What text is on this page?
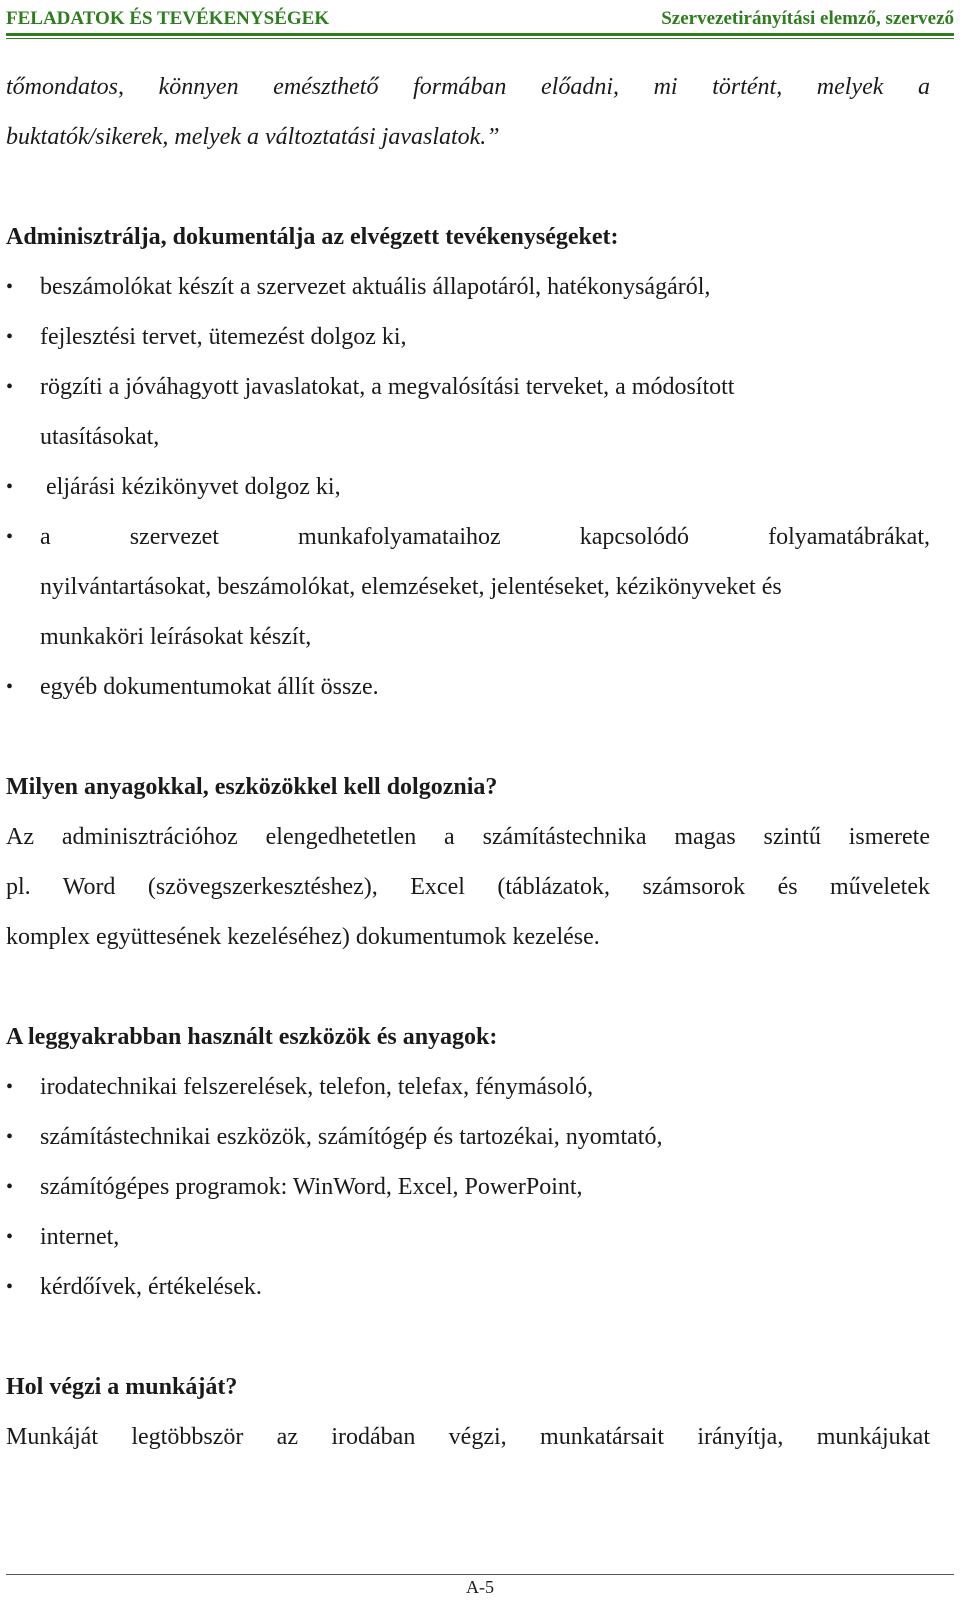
FELADATOK ÉS TEVÉKENYSÉGEK	Szervezetirányítási elemző, szervező
tőmondatos, könnyen emészthető formában előadni, mi történt, melyek a
buktatók/sikerek, melyek a változtatási javaslatok.”
Adminisztrálja, dokumentálja az elvégzett tevékenységeket:
•	beszámolókat készít a szervezet aktuális állapotáról, hatékonyságáról,
•	fejlesztési tervet, ütemezést dolgoz ki,
•	rögzíti a jóváhagyott javaslatokat, a megvalósítási terveket, a módosított
utasításokat,
•	eljárási kézikönyvet dolgoz ki,
•	a szervezet munkafolyamataihoz kapcsolódó folyamatábrákat,
nyilvántartásokat, beszámolókat, elemzéseket, jelentéseket, kézikönyveket és
munkaköri leírásokat készít,
•	egyéb dokumentumokat állít össze.
Milyen anyagokkal, eszközökkel kell dolgoznia?
Az adminisztrációhoz elengedhetetlen a számítástechnika magas szintű ismerete
pl. Word (szövegszerkesztéshez), Excel (táblázatok, számsorok és műveletek
komplex együttesének kezeléséhez) dokumentumok kezelése.
A leggyakrabban használt eszközök és anyagok:
•	irodatechnikai felszerelések, telefon, telefax, fénymásoló,
•	számítástechnikai eszközök, számítógép és tartozékai, nyomtató,
•	számítógépes programok: WinWord, Excel, PowerPoint,
•	internet,
•	kérdőívek, értékelések.
Hol végzi a munkáját?
Munkáját legtöbbször az irodában végzi, munkatársait irányítja, munkájukat
A-5
